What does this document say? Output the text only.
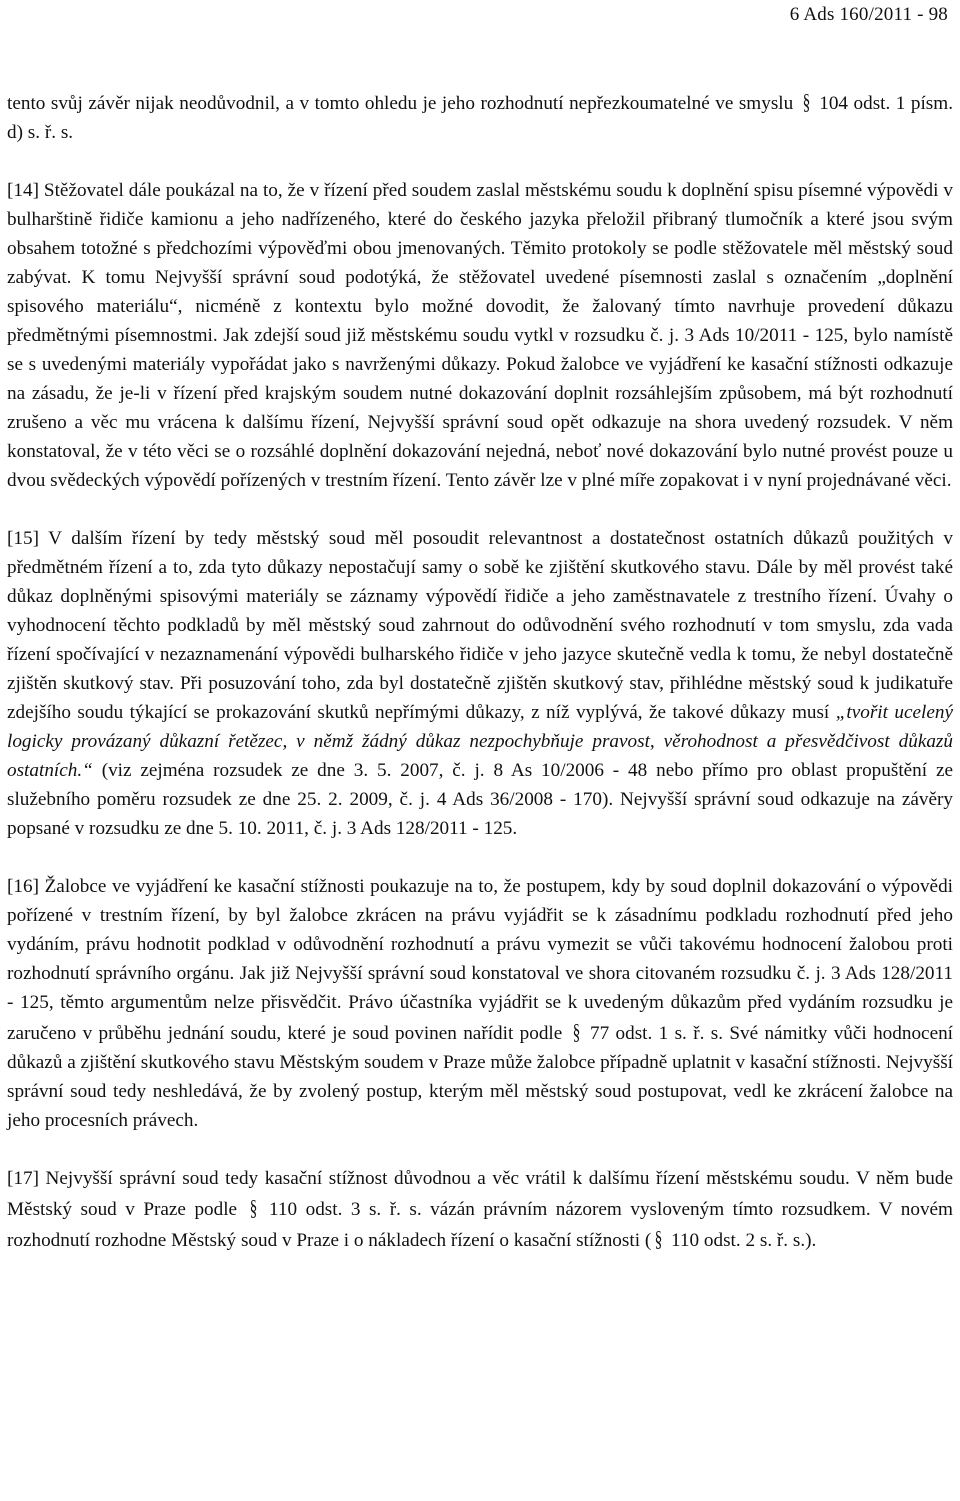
6 Ads 160/2011 - 98

tento svůj závěr nijak neodůvodnil, a v tomto ohledu je jeho rozhodnutí nepřezkoumatelné ve smyslu § 104 odst. 1 písm. d) s. ř. s.

[14] Stěžovatel dále poukázal na to, že v řízení před soudem zaslal městskému soudu k doplnění spisu písemné výpovědi v bulharštině řidiče kamionu a jeho nadřízeného, které do českého jazyka přeložil přibraný tlumočník a které jsou svým obsahem totožné s předchozími výpověďmi obou jmenovaných. Těmito protokoly se podle stěžovatele měl městský soud zabývat. K tomu Nejvyšší správní soud podotýká, že stěžovatel uvedené písemnosti zaslal s označením „doplnění spisového materiálu“, nicméně z kontextu bylo možné dovodit, že žalovaný tímto navrhuje provedení důkazu předmětnými písemnostmi. Jak zdejší soud již městskému soudu vytkl v rozsudku č. j. 3 Ads 10/2011 - 125, bylo namístě se s uvedenými materiály vypořádat jako s navrženými důkazy. Pokud žalobce ve vyjádření ke kasační stížnosti odkazuje na zásadu, že je-li v řízení před krajským soudem nutné dokazování doplnit rozsáhlejším způsobem, má být rozhodnutí zrušeno a věc mu vrácena k dalšímu řízení, Nejvyšší správní soud opět odkazuje na shora uvedený rozsudek. V něm konstatoval, že v této věci se o rozsáhlé doplnění dokazování nejedná, neboť nové dokazování bylo nutné provést pouze u dvou svědeckých výpovědí pořízených v trestním řízení. Tento závěr lze v plné míře zopakovat i v nyní projednávané věci.

[15] V dalším řízení by tedy městský soud měl posoudit relevantnost a dostatečnost ostatních důkazů použitých v předmětném řízení a to, zda tyto důkazy nepostačují samy o sobě ke zjištění skutkového stavu. Dále by měl provést také důkaz doplněnými spisovými materiály se záznamy výpovědí řidiče a jeho zaměstnavatele z trestního řízení. Úvahy o vyhodnocení těchto podkladů by měl městský soud zahrnout do odůvodnění svého rozhodnutí v tom smyslu, zda vada řízení spočívající v nezaznamenání výpovědi bulharského řidiče v jeho jazyce skutečně vedla k tomu, že nebyl dostatečně zjištěn skutkový stav. Při posuzování toho, zda byl dostatečně zjištěn skutkový stav, přihlédne městský soud k judikatuře zdejšího soudu týkající se prokazování skutků nepřímými důkazy, z níž vyplývá, že takové důkazy musí „tvořit ucelený logicky provázaný důkazní řetězec, v němž žádný důkaz nezpochybňuje pravost, věrohodnost a přesvědčivost důkazů ostatních.“ (viz zejména rozsudek ze dne 3. 5. 2007, č. j. 8 As 10/2006 - 48 nebo přímo pro oblast propuštění ze služebního poměru rozsudek ze dne 25. 2. 2009, č. j. 4 Ads 36/2008 - 170). Nejvyšší správní soud odkazuje na závěry popsané v rozsudku ze dne 5. 10. 2011, č. j. 3 Ads 128/2011 - 125.

[16] Žalobce ve vyjádření ke kasační stížnosti poukazuje na to, že postupem, kdy by soud doplnil dokazování o výpovědi pořízené v trestním řízení, by byl žalobce zkrácen na právu vyjádřit se k zásadnímu podkladu rozhodnutí před jeho vydáním, právu hodnotit podklad v odůvodnění rozhodnutí a právu vymezit se vůči takovému hodnocení žalobou proti rozhodnutí správního orgánu. Jak již Nejvyšší správní soud konstatoval ve shora citovaném rozsudku č. j. 3 Ads 128/2011 - 125, těmto argumentům nelze přisvědčit. Právo účastníka vyjádřit se k uvedeným důkazům před vydáním rozsudku je zaručeno v průběhu jednání soudu, které je soud povinen nařídit podle § 77 odst. 1 s. ř. s. Své námitky vůči hodnocení důkazů a zjištění skutkového stavu Městským soudem v Praze může žalobce případně uplatnit v kasační stížnosti. Nejvyšší správní soud tedy neshledává, že by zvolený postup, kterým měl městský soud postupovat, vedl ke zkrácení žalobce na jeho procesních právech.

[17] Nejvyšší správní soud tedy kasační stížnost důvodnou a věc vrátil k dalšímu řízení městskému soudu. V něm bude Městský soud v Praze podle § 110 odst. 3 s. ř. s. vázán právním názorem vysloveným tímto rozsudkem. V novém rozhodnutí rozhodne Městský soud v Praze i o nákladech řízení o kasační stížnosti ( § 110 odst. 2 s. ř. s.).
